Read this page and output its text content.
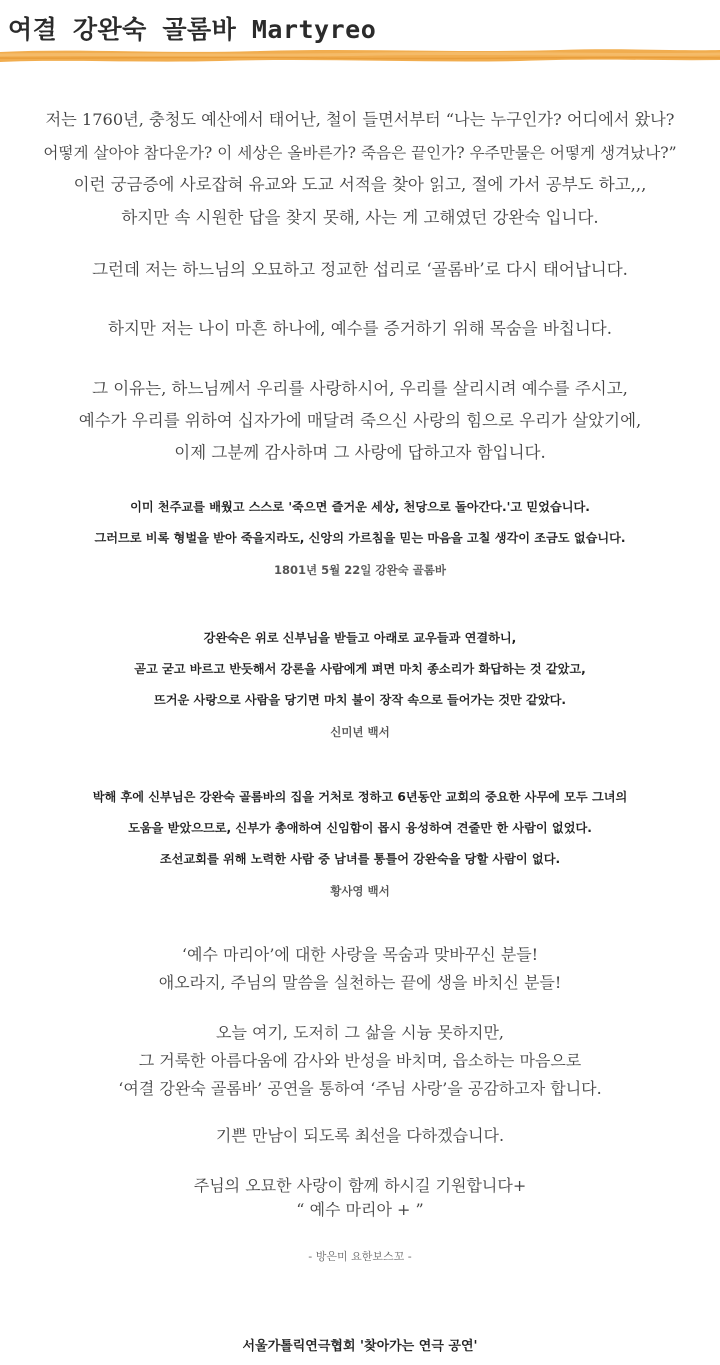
여결 강완숙 골롬바 Martyreo
저는 1760년, 충청도 예산에서 태어난, 철이 들면서부터 “나는 누구인가? 어디에서 왔나?
어떻게 살아야 참다운가? 이 세상은 올바른가? 죽음은 끝인가? 우주만물은 어떻게 생겨났나?”
이런 궁금증에 사로잡혀 유교와 도교 서적을 찾아 읽고, 절에 가서 공부도 하고,,,
하지만 속 시원한 답을 찾지 못해, 사는 게 고해였던 강완숙 입니다.
그런데 저는 하느님의 오묘하고 정교한 섭리로 ‘골롬바’로 다시 태어납니다.
하지만 저는 나이 마흔 하나에, 예수를 증거하기 위해 목숨을 바칩니다.
그 이유는, 하느님께서 우리를 사랑하시어, 우리를 살리시려 예수를 주시고,
예수가 우리를 위하여 십자가에 매달려 죽으신 사랑의 힘으로 우리가 살았기에,
이제 그분께 감사하며 그 사랑에 답하고자 함입니다.
이미 천주교를 배웠고 스스로 '죽으면 즐거운 세상, 천당으로 돌아간다.'고 믿었습니다.
그러므로 비록 형벌을 받아 죽을지라도, 신앙의 가르침을 믿는 마음을 고칠 생각이 조금도 없습니다.
1801년 5월 22일 강완숙 골롬바
강완숙은 위로 신부님을 받들고 아래로 교우들과 연결하니,
곧고 굳고 바르고 반듯해서 강론을 사람에게 펴면 마치 종소리가 화답하는 것 같았고,
뜨거운 사랑으로 사람을 당기면 마치 불이 장작 속으로 들어가는 것만 같았다.
신미년 백서
박해 후에 신부님은 강완숙 골롬바의 집을 거처로 정하고 6년동안 교회의 중요한 사무에 모두 그녀의
도움을 받았으므로, 신부가 총애하여 신임함이 몹시 융성하여 견줄만 한 사람이 없었다.
조선교회를 위해 노력한 사람 중 남녀를 통틀어 강완숙을 당할 사람이 없다.
황사영 백서
‘예수 마리아’에 대한 사랑을 목숨과 맞바꾸신 분들!
애오라지, 주님의 말씀을 실천하는 끝에 생을 바치신 분들!
오늘 여기, 도저히 그 삶을 시늉 못하지만,
그 거룩한 아름다움에 감사와 반성을 바치며, 읍소하는 마음으로
‘여결 강완숙 골롬바’ 공연을 통하여 ‘주님 사랑’을 공감하고자 합니다.
기쁜 만남이 되도록 최선을 다하겠습니다.
주님의 오묘한 사랑이 함께 하시길 기원합니다+
“ 예수 마리아 + ”
- 방은미 요한보스꼬 -
서울가톨릭연극협회 '찾아가는 연극 공연'
